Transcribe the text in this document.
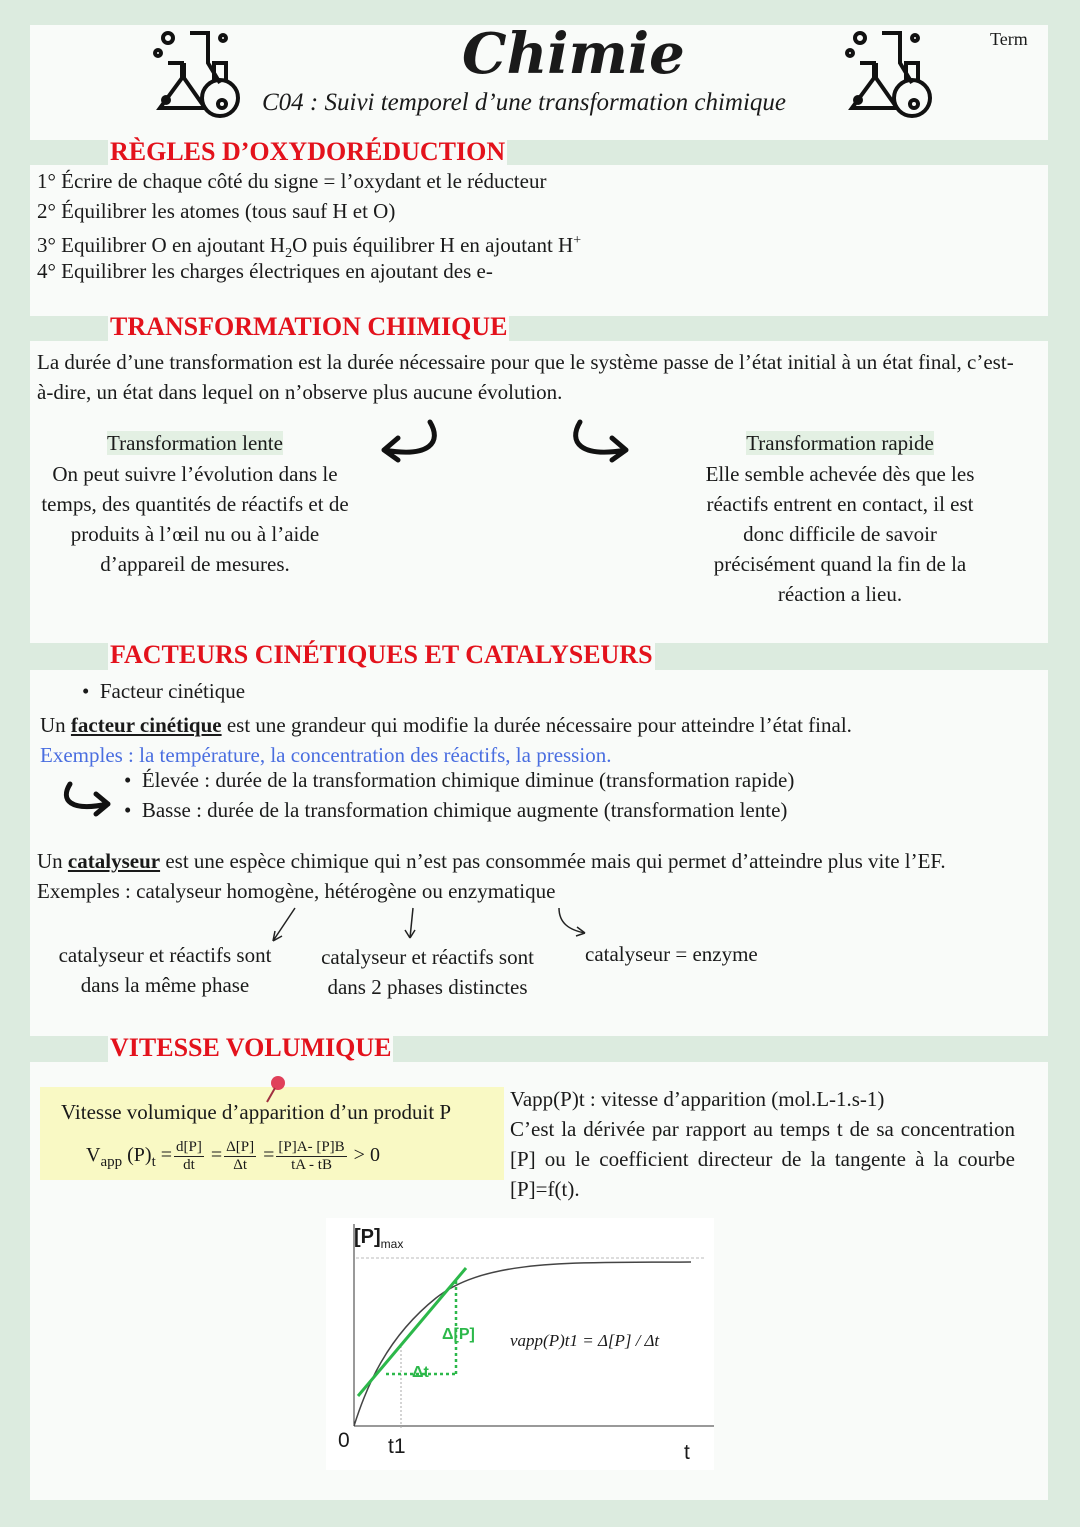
Chimie
C04 : Suivi temporel d’une transformation chimique
Term
RÈGLES D’OXYDORÉDUCTION
1° Écrire de chaque côté du signe = l’oxydant et le réducteur
2° Équilibrer les atomes (tous sauf H et O)
3° Equilibrer O en ajoutant $H_2O$ puis équilibrer H en ajoutant H+
4° Equilibrer les charges électriques en ajoutant des e-
TRANSFORMATION CHIMIQUE
La durée d’une transformation est la durée nécessaire pour que le système passe de l’état initial à un état final, c’est-à-dire, un état dans lequel on n’observe plus aucune évolution.
Transformation lente
On peut suivre l’évolution dans le temps, des quantités de réactifs et de produits à l’œil nu ou à l’aide d’appareil de mesures.
Transformation rapide
Elle semble achevée dès que les réactifs entrent en contact, il est donc difficile de savoir précisément quand la fin de la réaction a lieu.
FACTEURS CINÉTIQUES ET CATALYSEURS
•  Facteur cinétique
Un facteur cinétique est une grandeur qui modifie la durée nécessaire pour atteindre l’état final.
Exemples : la température, la concentration des réactifs, la pression.
•  Élevée : durée de la transformation chimique diminue (transformation rapide)
•  Basse : durée de la transformation chimique augmente (transformation lente)
Un catalyseur est une espèce chimique qui n’est pas consommée mais qui permet d’atteindre plus vite l’EF.
Exemples : catalyseur homogène, hétérogène ou enzymatique
catalyseur et réactifs sont dans la même phase
catalyseur et réactifs sont dans 2 phases distinctes
catalyseur = enzyme
VITESSE VOLUMIQUE
Vitesse volumique d’apparition d’un produit P
$V_{app}$ $(P)_t = \frac{d[P]}{dt} = \frac{\Delta[P]}{\Delta t} = \frac{[P]A- [P]B}{tA - tB} > 0$
Vapp(P)t : vitesse d’apparition (mol.L-1.s-1)
C’est la dérivée par rapport au temps t de sa concentration [P] ou le coefficient directeur de la tangente à la courbe [P]=f(t).
$[P]_{max}$
0 t1	t
Δ[P]
Δt
vapp(P)t1 = Δ[P] / Δt
